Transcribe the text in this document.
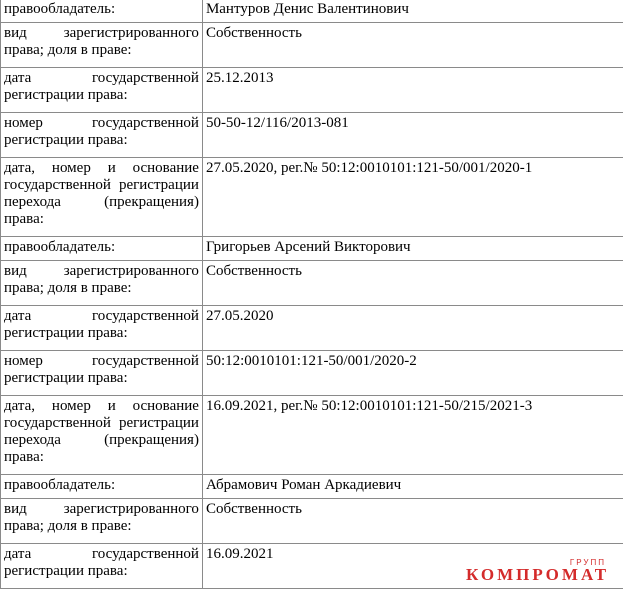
правообладатель:	Мантуров Денис Валентинович
вид зарегистрированного права; доля в праве:	Собственность
дата государственной регистрации права:	25.12.2013
номер государственной регистрации права:	50-50-12/116/2013-081
дата, номер и основание государственной регистрации перехода (прекращения) права:	27.05.2020, рег.№ 50:12:0010101:121-50/001/2020-1
правообладатель:	Григорьев Арсений Викторович
вид зарегистрированного права; доля в праве:	Собственность
дата государственной регистрации права:	27.05.2020
номер государственной регистрации права:	50:12:0010101:121-50/001/2020-2
дата, номер и основание государственной регистрации перехода (прекращения) права:	16.09.2021, рег.№ 50:12:0010101:121-50/215/2021-3
правообладатель:	Абрамович Роман Аркадиевич
вид зарегистрированного права; доля в праве:	Собственность
дата государственной регистрации права:	16.09.2021
ГРУПП
КОМПРОМАТ
